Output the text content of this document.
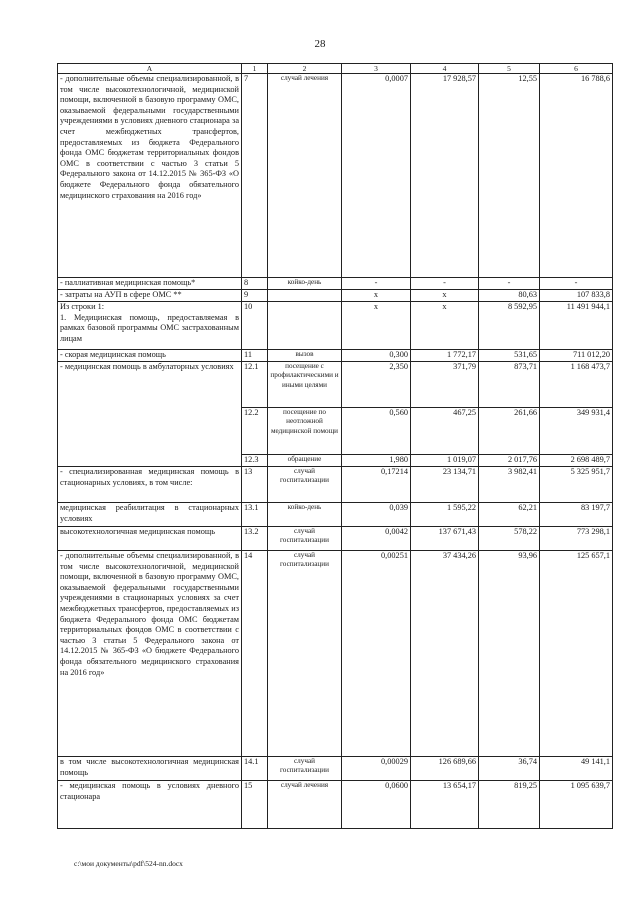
28
А	1	2	3	4	5	6
- дополнительные объемы специализированной, в том числе высокотехнологичной, медицинской помощи, включенной в базовую программу ОМС, оказываемой федеральными государственными учреждениями в условиях дневного стационара за счет межбюджетных трансфертов, предоставляемых из бюджета Федерального фонда ОМС бюджетам территориальных фондов ОМС в соответствии с частью 3 статьи 5 Федерального закона от 14.12.2015 № 365-ФЗ «О бюджете Федерального фонда обязательного медицинского страхования на 2016 год»	7	случай лечения	0,0007	17 928,57	12,55	16 788,6
- паллиативная медицинская помощь*	8	койко-день	-	-	-	-
- затраты на АУП в сфере ОМС **	9		х	х	80,63	107 833,8
Из строки 1:
1. Медицинская помощь, предоставляемая в рамках базовой программы ОМС застрахованным лицам	10		х	х	8 592,95	11 491 944,1
- скорая медицинская помощь	11	вызов	0,300	1 772,17	531,65	711 012,20
- медицинская помощь в амбулаторных условиях	12.1	посещение с профилактическими и иными целями	2,350	371,79	873,71	1 168 473,7
	12.2	посещение по неотложной медицинской помощи	0,560	467,25	261,66	349 931,4
	12.3	обращение	1,980	1 019,07	2 017,76	2 698 489,7
- специализированная медицинская помощь в стационарных условиях, в том числе:	13	случай госпитализации	0,17214	23 134,71	3 982,41	5 325 951,7
медицинская реабилитация в стационарных условиях	13.1	койко-день	0,039	1 595,22	62,21	83 197,7
высокотехнологичная медицинская помощь	13.2	случай госпитализации	0,0042	137 671,43	578,22	773 298,1
- дополнительные объемы специализированной, в том числе высокотехнологичной, медицинской помощи, включенной в базовую программу ОМС, оказываемой федеральными государственными учреждениями в стационарных условиях за счет межбюджетных трансфертов, предоставляемых из бюджета Федерального фонда ОМС бюджетам территориальных фондов ОМС в соответствии с частью 3 статьи 5 Федерального закона от 14.12.2015 № 365-ФЗ «О бюджете Федерального фонда обязательного медицинского страхования на 2016 год»	14	случай госпитализации	0,00251	37 434,26	93,96	125 657,1
в том числе высокотехнологичная медицинская помощь	14.1	случай госпитализации	0,00029	126 689,66	36,74	49 141,1
- медицинская помощь в условиях дневного стационара	15	случай лечения	0,0600	13 654,17	819,25	1 095 639,7
c:\мои документы\pdf\524-nn.docx
